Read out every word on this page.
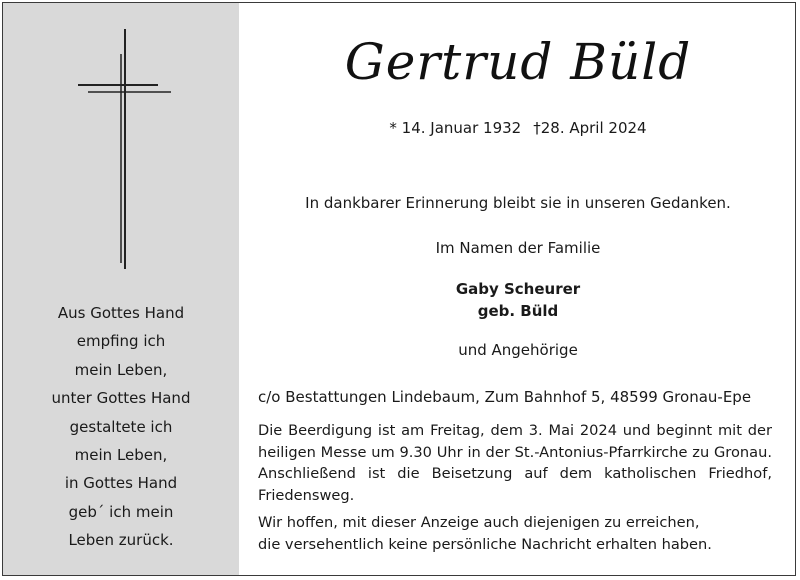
Aus Gottes Hand
empfing ich
mein Leben,
unter Gottes Hand
gestaltete ich
mein Leben,
in Gottes Hand
geb´ ich mein
Leben zurück.
Gertrud Büld
* 14. Januar 1932 †28. April 2024
In dankbarer Erinnerung bleibt sie in unseren Gedanken.
Im Namen der Familie
Gaby Scheurer
geb. Büld
und Angehörige
c/o Bestattungen Lindebaum, Zum Bahnhof 5, 48599 Gronau-Epe
Die Beerdigung ist am Freitag, dem 3. Mai 2024 und beginnt mit der heiligen Messe um 9.30 Uhr in der St.-Antonius-Pfarrkirche zu Gronau. Anschließend ist die Beisetzung auf dem katholischen Friedhof, Friedensweg.
Wir hoffen, mit dieser Anzeige auch diejenigen zu erreichen,
die versehentlich keine persönliche Nachricht erhalten haben.
